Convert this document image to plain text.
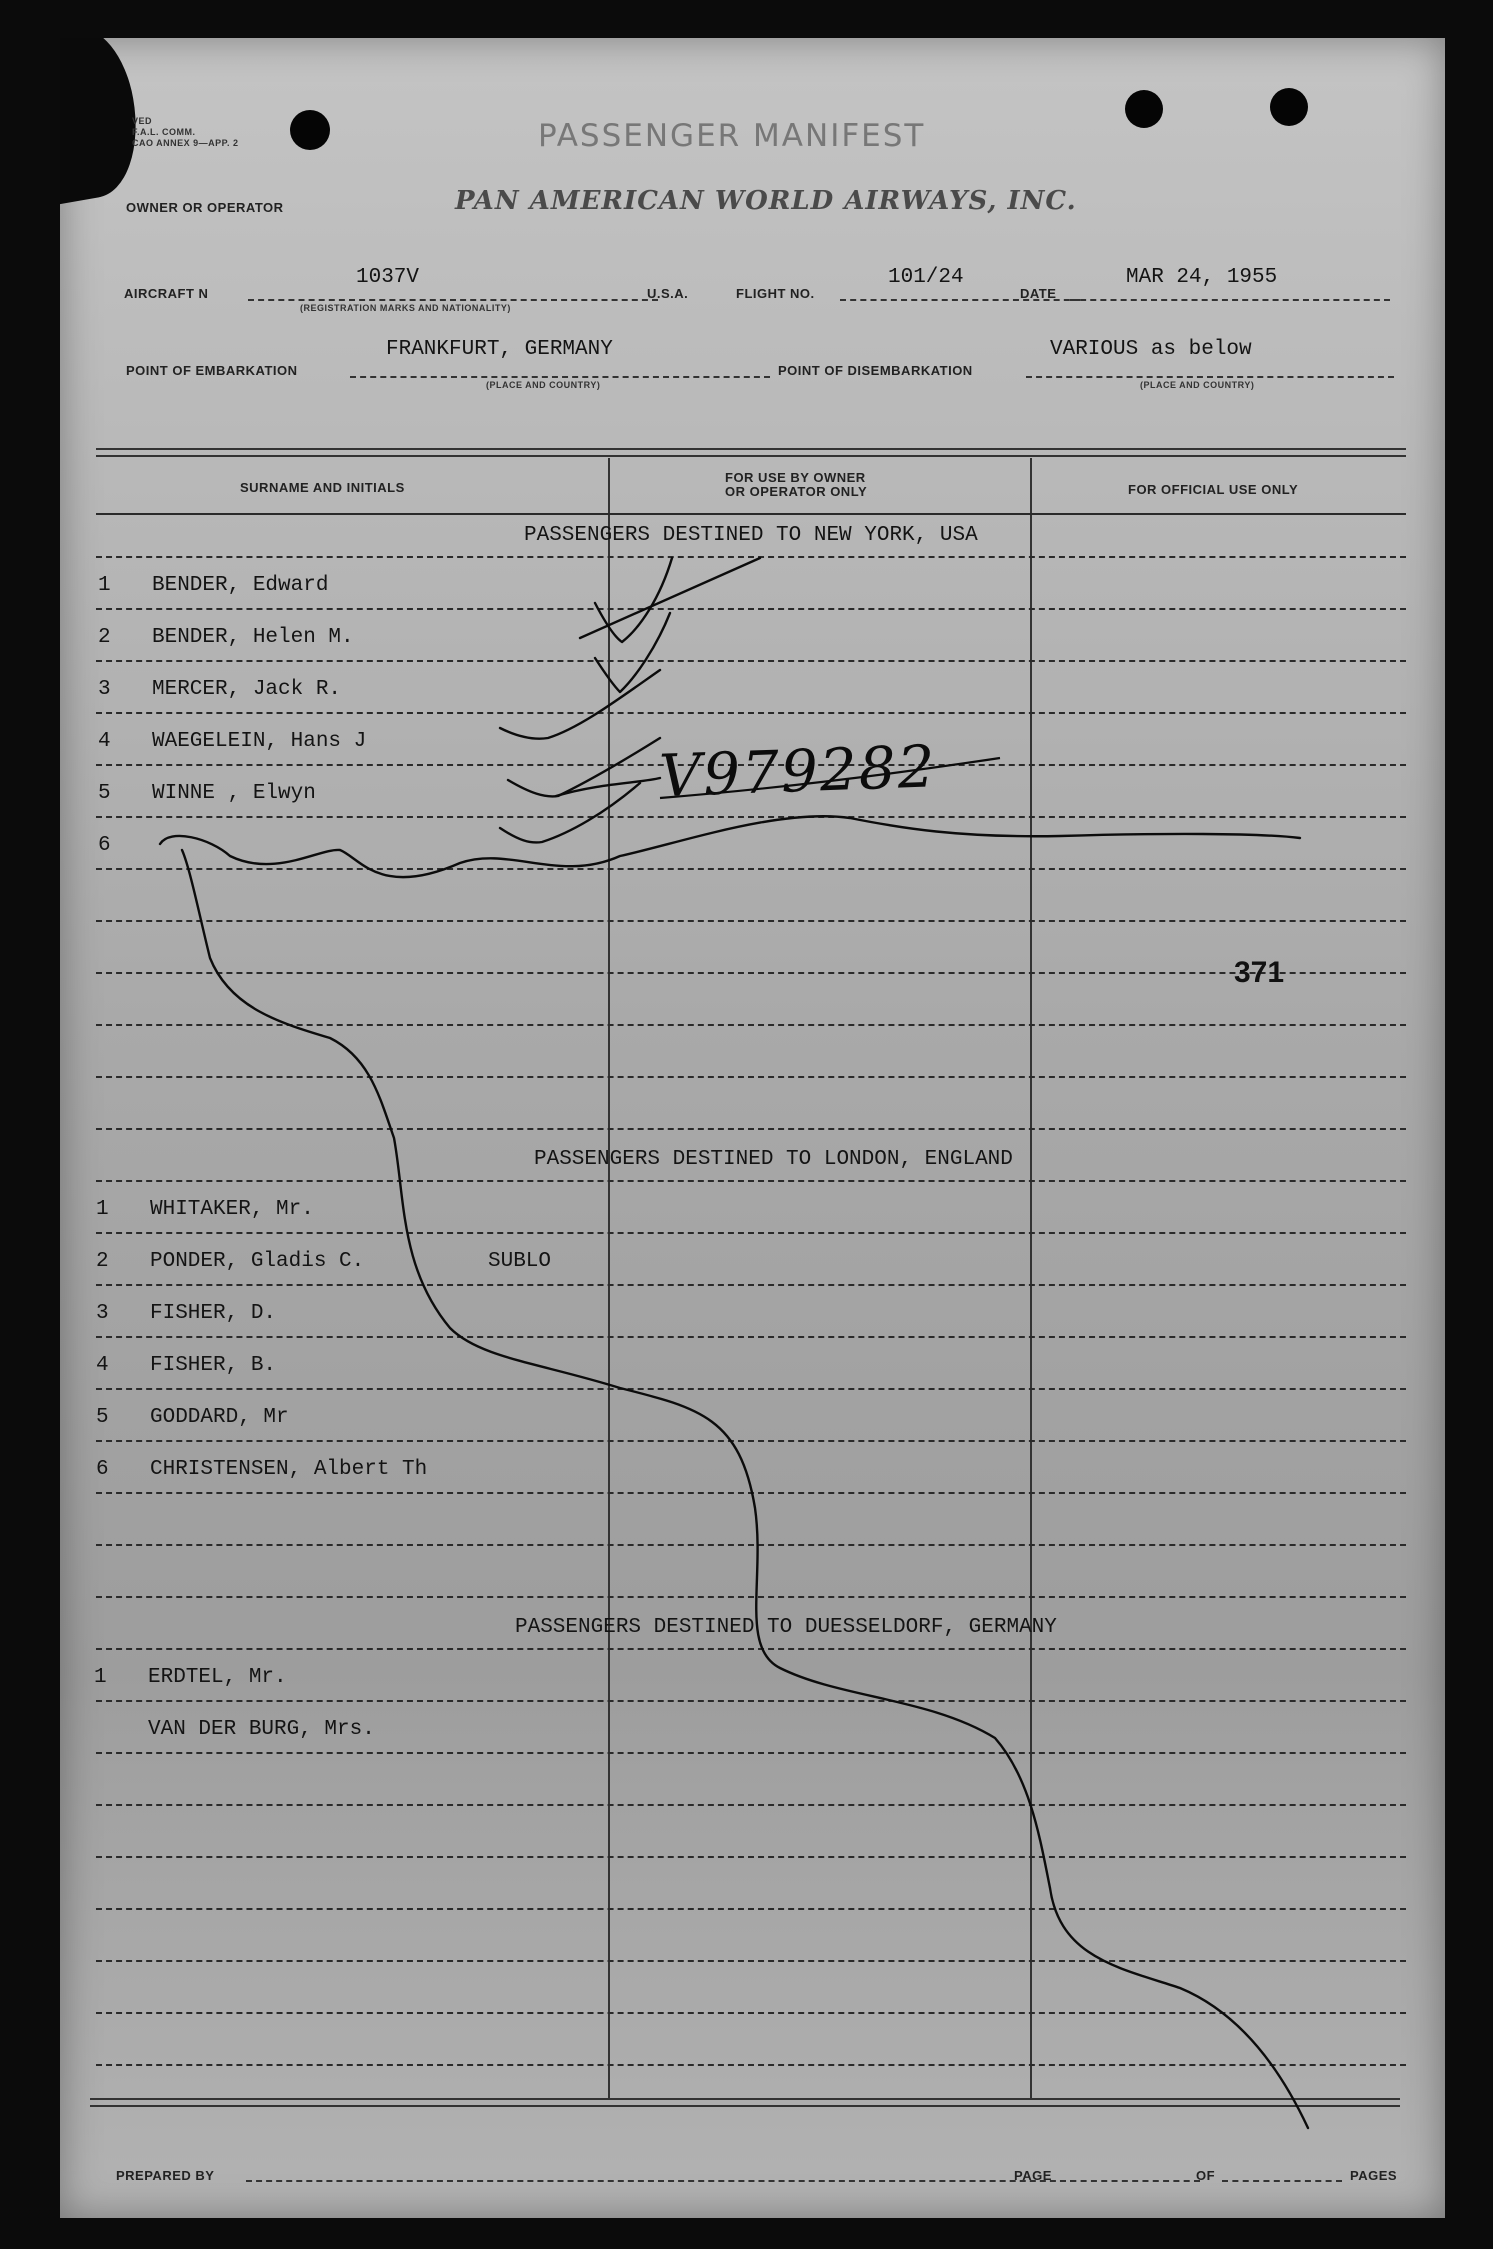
VED
F.A.L. COMM.
CAO ANNEX 9—APP. 2	PASSENGER MANIFEST
OWNER OR OPERATOR	PAN AMERICAN WORLD AIRWAYS, INC.
AIRCRAFT N
1037V
(REGISTRATION MARKS AND NATIONALITY)
U.S.A.	FLIGHT NO.
101/24
DATE
MAR 24, 1955
POINT OF EMBARKATION
FRANKFURT, GERMANY
(PLACE AND COUNTRY)
POINT OF DISEMBARKATION
VARIOUS as below
(PLACE AND COUNTRY)
SURNAME AND INITIALS
FOR USE BY OWNER
OR OPERATOR ONLY	FOR OFFICIAL USE ONLY
PASSENGERS DESTINED TO NEW YORK, USA
1 BENDER, Edward
2 BENDER, Helen M.
3 MERCER, Jack R.
4 WAEGELEIN, Hans J
5 WINNE , Elwyn
6
371
PASSENGERS DESTINED TO LONDON, ENGLAND
1 WHITAKER, Mr.
2 PONDER, Gladis C.	SUBLO
3 FISHER, D.
4 FISHER, B.
5 GODDARD, Mr
6 CHRISTENSEN, Albert Th
PASSENGERS DESTINED TO DUESSELDORF, GERMANY
1 ERDTEL, Mr.
VAN DER BURG, Mrs.
PREPARED BY	PAGE	OF	PAGES
V979282
